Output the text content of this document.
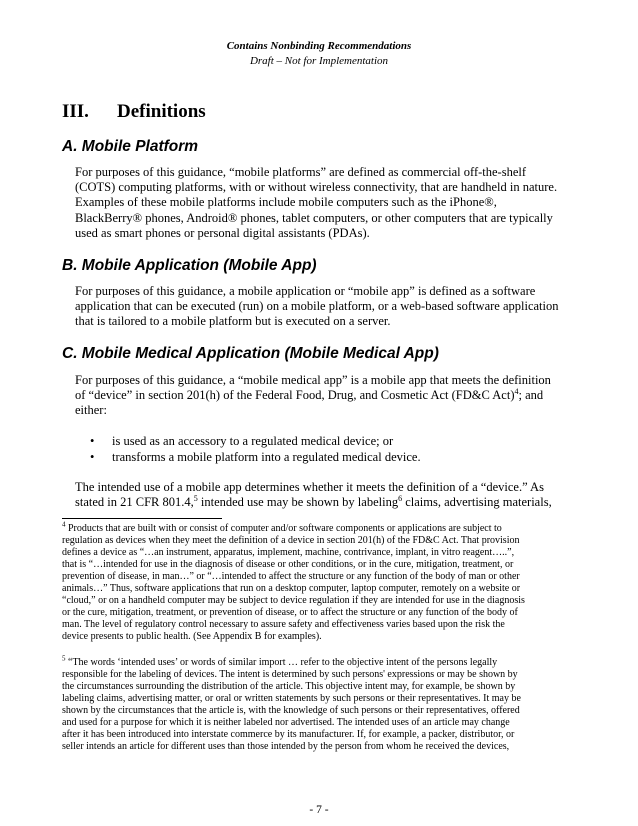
Contains Nonbinding Recommendations
Draft – Not for Implementation
III. Definitions
A. Mobile Platform
For purposes of this guidance, “mobile platforms” are defined as commercial off-the-shelf
(COTS) computing platforms, with or without wireless connectivity, that are handheld in nature.
Examples of these mobile platforms include mobile computers such as the iPhone®,
BlackBerry® phones, Android® phones, tablet computers, or other computers that are typically
used as smart phones or personal digital assistants (PDAs).
B. Mobile Application (Mobile App)
For purposes of this guidance, a mobile application or “mobile app” is defined as a software
application that can be executed (run) on a mobile platform, or a web-based software application
that is tailored to a mobile platform but is executed on a server.
C. Mobile Medical Application (Mobile Medical App)
For purposes of this guidance, a “mobile medical app” is a mobile app that meets the definition
of “device” in section 201(h) of the Federal Food, Drug, and Cosmetic Act (FD&C Act)$^4$; and
either:
•	is used as an accessory to a regulated medical device; or
•	transforms a mobile platform into a regulated medical device.
The intended use of a mobile app determines whether it meets the definition of a “device.” As
stated in 21 CFR 801.4,$^5$ intended use may be shown by labeling$^6$ claims, advertising materials,
$^4$ Products that are built with or consist of computer and/or software components or applications are subject to
regulation as devices when they meet the definition of a device in section 201(h) of the FD&C Act. That provision
defines a device as “…an instrument, apparatus, implement, machine, contrivance, implant, in vitro reagent…..”,
that is “…intended for use in the diagnosis of disease or other conditions, or in the cure, mitigation, treatment, or
prevention of disease, in man…” or “…intended to affect the structure or any function of the body of man or other
animals…” Thus, software applications that run on a desktop computer, laptop computer, remotely on a website or
“cloud,” or on a handheld computer may be subject to device regulation if they are intended for use in the diagnosis
or the cure, mitigation, treatment, or prevention of disease, or to affect the structure or any function of the body of
man. The level of regulatory control necessary to assure safety and effectiveness varies based upon the risk the
device presents to public health. (See Appendix B for examples).
$^5$ “The words ‘intended uses’ or words of similar import … refer to the objective intent of the persons legally
responsible for the labeling of devices. The intent is determined by such persons' expressions or may be shown by
the circumstances surrounding the distribution of the article. This objective intent may, for example, be shown by
labeling claims, advertising matter, or oral or written statements by such persons or their representatives. It may be
shown by the circumstances that the article is, with the knowledge of such persons or their representatives, offered
and used for a purpose for which it is neither labeled nor advertised. The intended uses of an article may change
after it has been introduced into interstate commerce by its manufacturer. If, for example, a packer, distributor, or
seller intends an article for different uses than those intended by the person from whom he received the devices,
- 7 -
